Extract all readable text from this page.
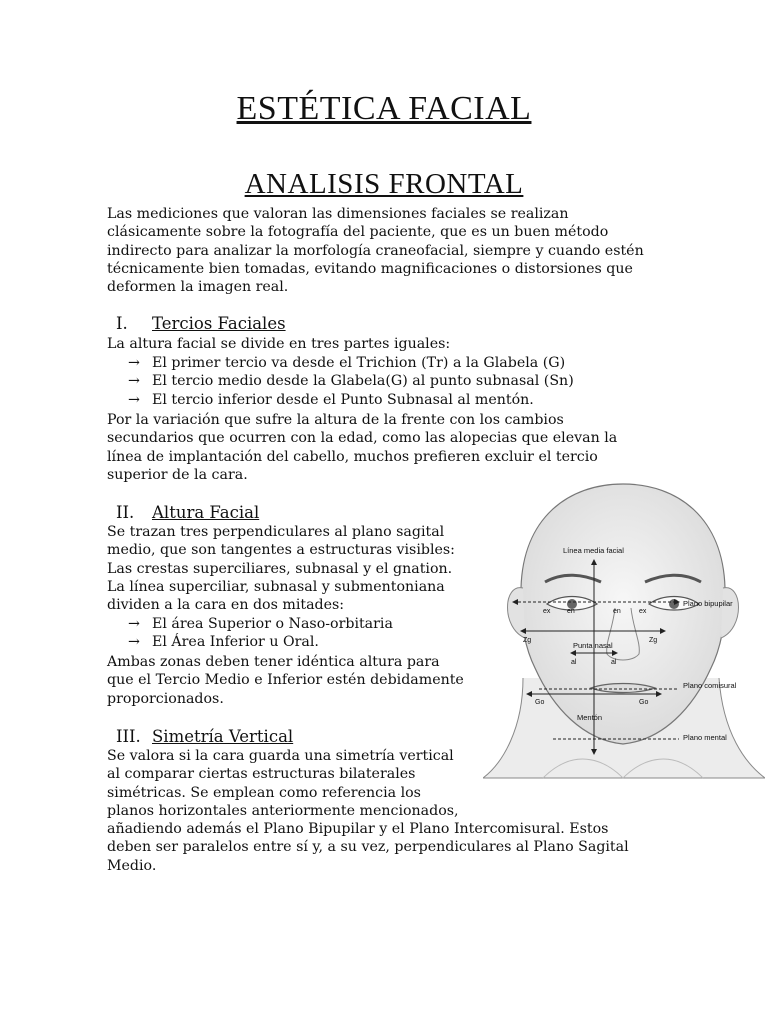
ESTÉTICA FACIAL
ANALISIS FRONTAL
Las mediciones que valoran las dimensiones faciales se realizan
clásicamente sobre la fotografía del paciente, que es un buen método
indirecto para analizar la morfología craneofacial, siempre y cuando estén
técnicamente bien tomadas, evitando magnificaciones o distorsiones que
deformen la imagen real.
I. Tercios Faciales
La altura facial se divide en tres partes iguales:
→ El primer tercio va desde el Trichion (Tr) a la Glabela (G)
→ El tercio medio desde la Glabela(G) al punto subnasal (Sn)
→ El tercio inferior desde el Punto Subnasal al mentón.
Por la variación que sufre la altura de la frente con los cambios
secundarios que ocurren con la edad, como las alopecias que elevan la
línea de implantación del cabello, muchos prefieren excluir el tercio
superior de la cara.
II. Altura Facial
Se trazan tres perpendiculares al plano sagital
medio, que son tangentes a estructuras visibles:
Las crestas superciliares, subnasal y el gnation.
La línea superciliar, subnasal y submentoniana
dividen a la cara en dos mitades:
→ El área Superior o Naso-orbitaria
→ El Área Inferior u Oral.
Ambas zonas deben tener idéntica altura para
que el Tercio Medio e Inferior estén debidamente
proporcionados.
III. Simetría Vertical
Se valora si la cara guarda una simetría vertical
al comparar ciertas estructuras bilaterales
simétricas. Se emplean como referencia los
planos horizontales anteriormente mencionados,
añadiendo además el Plano Bipupilar y el Plano Intercomisural. Estos
deben ser paralelos entre sí y, a su vez, perpendiculares al Plano Sagital
Medio.
Línea media facial
Plano bipupilar
Plano comisural
Plano mental
Punta nasal
Mentón
ex en	en	ex
Zg	Zg
al	al
Go	Go
